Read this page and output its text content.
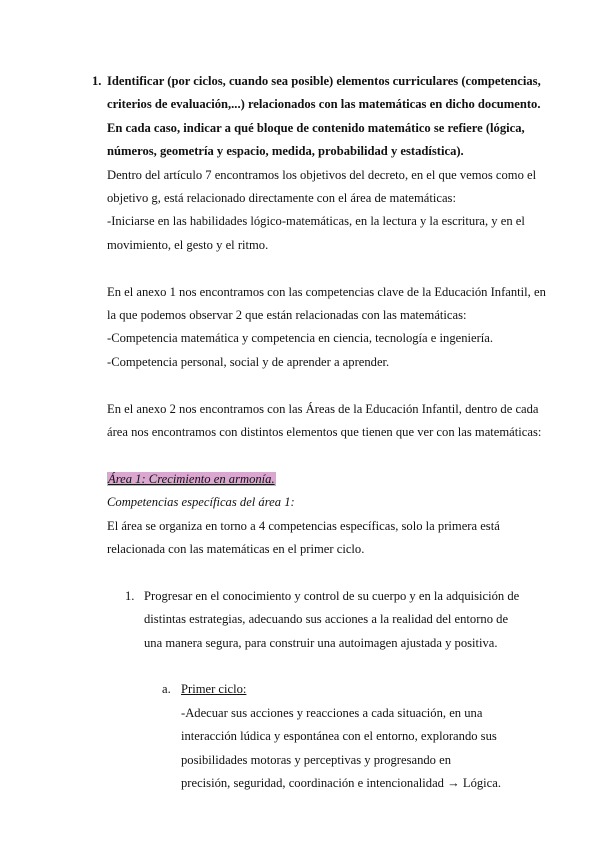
1. Identificar (por ciclos, cuando sea posible) elementos curriculares (competencias, criterios de evaluación,...) relacionados con las matemáticas en dicho documento. En cada caso, indicar a qué bloque de contenido matemático se refiere (lógica, números, geometría y espacio, medida, probabilidad y estadística).

Dentro del artículo 7 encontramos los objetivos del decreto, en el que vemos como el objetivo g, está relacionado directamente con el área de matemáticas:

-Iniciarse en las habilidades lógico-matemáticas, en la lectura y la escritura, y en el movimiento, el gesto y el ritmo.

En el anexo 1 nos encontramos con las competencias clave de la Educación Infantil, en la que podemos observar 2 que están relacionadas con las matemáticas:

-Competencia matemática y competencia en ciencia, tecnología e ingeniería.

-Competencia personal, social y de aprender a aprender.

En el anexo 2 nos encontramos con las Áreas de la Educación Infantil, dentro de cada área nos encontramos con distintos elementos que tienen que ver con las matemáticas:

Área 1: Crecimiento en armonía.

Competencias específicas del área 1:

El área se organiza en torno a 4 competencias específicas, solo la primera está relacionada con las matemáticas en el primer ciclo.

1. Progresar en el conocimiento y control de su cuerpo y en la adquisición de distintas estrategias, adecuando sus acciones a la realidad del entorno de una manera segura, para construir una autoimagen ajustada y positiva.

a. Primer ciclo:

-Adecuar sus acciones y reacciones a cada situación, en una interacción lúdica y espontánea con el entorno, explorando sus posibilidades motoras y perceptivas y progresando en precisión, seguridad, coordinación e intencionalidad → Lógica.
